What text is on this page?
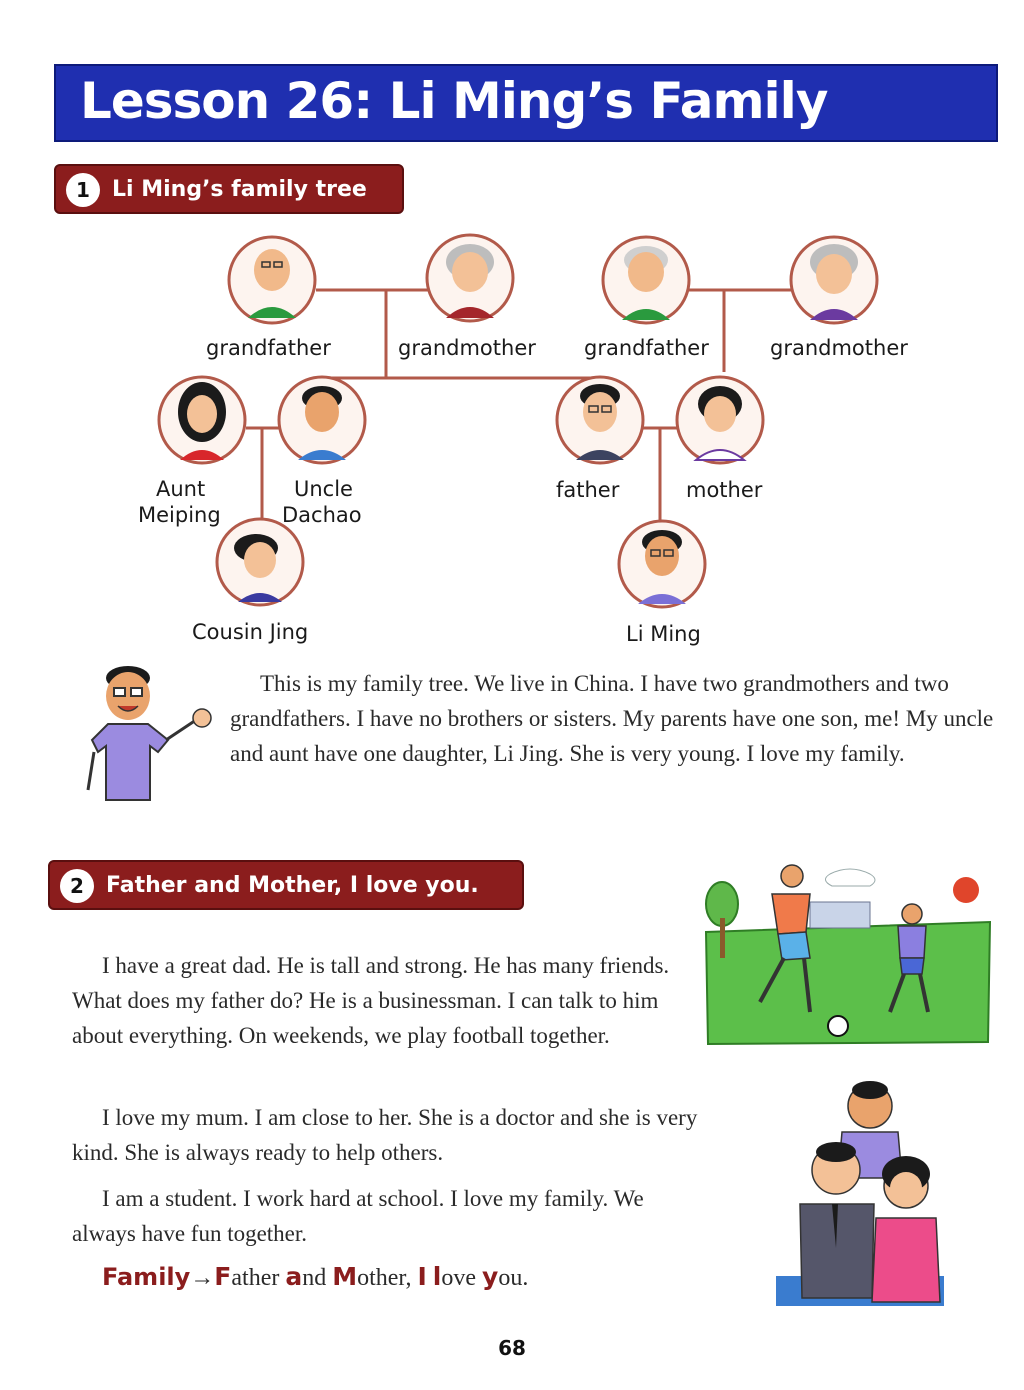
Lesson 26: Li Ming’s Family
1	Li Ming’s family tree
grandfather	grandmother grandfather	grandmother
Aunt
Meiping
Uncle
Dachao
father	mother
Cousin Jing	Li Ming
This is my family tree. We live in China. I have two grandmothers and two grandfathers. I have no brothers or sisters. My parents have one son, me! My uncle and aunt have one daughter, Li Jing. She is very young. I love my family.
2	Father and Mother, I love you.
I have a great dad. He is tall and strong. He has many friends. What does my father do? He is a businessman. I can talk to him about everything. On weekends, we play football together.
I love my mum. I am close to her. She is a doctor and she is very kind. She is always ready to help others.
I am a student. I work hard at school. I love my family. We always have fun together.
Family→Father and Mother, I love you.
68
